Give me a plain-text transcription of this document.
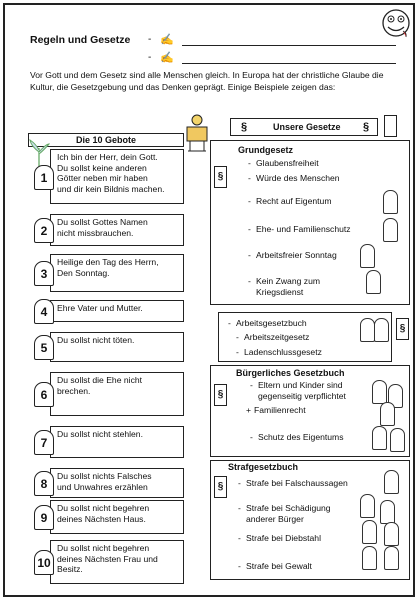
Regeln und Gesetze - ✍
- ✍
Vor Gott und dem Gesetz sind alle Menschen gleich. In Europa hat der christliche Glaube die Kultur, die Gesetzgebung und das Denken geprägt. Einige Beispiele zeigen das:
Die 10 Gebote
Ich bin der Herr, dein Gott.
Du sollst keine anderen
Götter neben mir haben
und dir kein Bildnis machen.
1
Du sollst Gottes Namen
nicht missbrauchen.
2
Heilige den Tag des Herrn,
Den Sonntag.
3
Ehre Vater und Mutter.
4
Du sollst nicht töten.
5
Du sollst die Ehe nicht
brechen.
6
Du sollst nicht stehlen.
7
Du sollst nichts Falsches
und Unwahres erzählen
8
Du sollst nicht begehren
deines Nächsten Haus.
9
Du sollst nicht begehren
deines Nächsten Frau und
Besitz.
10
§	Unsere Gesetze §
Grundgesetz
§
§
Bürgerliches Gesetzbuch
§
Strafgesetzbuch
§
- Glaubensfreiheit
- Würde des Menschen
- Recht auf Eigentum
- Ehe- und Familienschutz
- Arbeitsfreier Sonntag
- Kein Zwang zum
Kriegsdienst
- Arbeitsgesetzbuch
- Arbeitszeitgesetz
- Ladenschlussgesetz
- Eltern und Kinder sind
gegenseitig verpflichtet
+ Familienrecht
- Schutz des Eigentums
- Strafe bei Falschaussagen
- Strafe bei Schädigung
anderer Bürger
- Strafe bei Diebstahl
- Strafe bei Gewalt
